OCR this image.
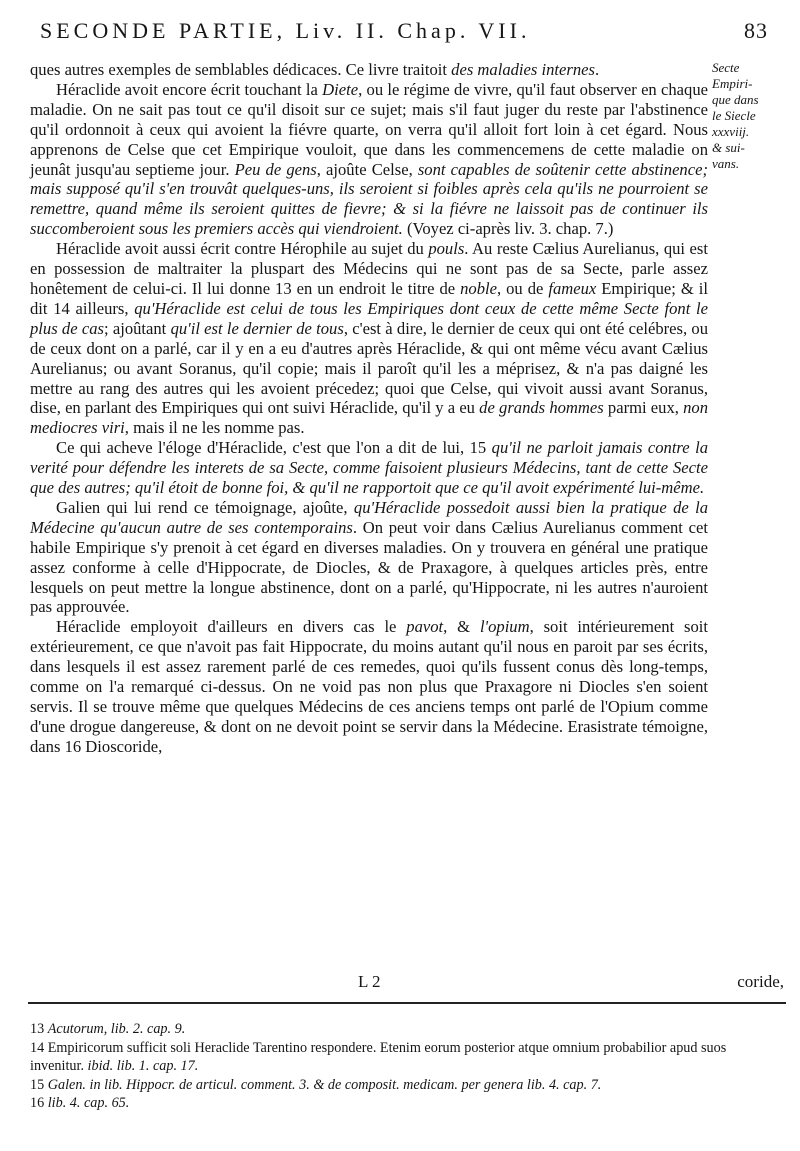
SECONDE PARTIE, Liv. II. Chap. VII.	83
Secte
Empiri-
que dans
le Siecle
xxxviij.
& sui-
vans.

ques autres exemples de semblables dédicaces. Ce livre traitoit des maladies internes.

Héraclide avoit encore écrit touchant la Diete, ou le régime de vivre, qu'il faut observer en chaque maladie. On ne sait pas tout ce qu'il disoit sur ce sujet; mais s'il faut juger du reste par l'abstinence qu'il ordonnoit à ceux qui avoient la fiévre quarte, on verra qu'il alloit fort loin à cet égard. Nous apprenons de Celse que cet Empirique vouloit, que dans les commencemens de cette maladie on jeunât jusqu'au septieme jour. Peu de gens, ajoûte Celse, sont capables de soûtenir cette abstinence; mais supposé qu'il s'en trouvât quelques-uns, ils seroient si foibles après cela qu'ils ne pourroient se remettre, quand même ils seroient quittes de fievre; & si la fiévre ne laissoit pas de continuer ils succomberoient sous les premiers accès qui viendroient. (Voyez ci-après liv. 3. chap. 7.)

Héraclide avoit aussi écrit contre Hérophile au sujet du pouls. Au reste Cælius Aurelianus, qui est en possession de maltraiter la pluspart des Médecins qui ne sont pas de sa Secte, parle assez honêtement de celui-ci. Il lui donne 13 en un endroit le titre de noble, ou de fameux Empirique; & il dit 14 ailleurs, qu'Héraclide est celui de tous les Empiriques dont ceux de cette même Secte font le plus de cas; ajoûtant qu'il est le dernier de tous, c'est à dire, le dernier de ceux qui ont été celébres, ou de ceux dont on a parlé, car il y en a eu d'autres après Héraclide, & qui ont même vécu avant Cælius Aurelianus; ou avant Soranus, qu'il copie; mais il paroît qu'il les a méprisez, & n'a pas daigné les mettre au rang des autres qui les avoient précedez; quoi que Celse, qui vivoit aussi avant Soranus, dise, en parlant des Empiriques qui ont suivi Héraclide, qu'il y a eu de grands hommes parmi eux, non mediocres viri, mais il ne les nomme pas.

Ce qui acheve l'éloge d'Héraclide, c'est que l'on a dit de lui, 15 qu'il ne parloit jamais contre la verité pour défendre les interets de sa Secte, comme faisoient plusieurs Médecins, tant de cette Secte que des autres; qu'il étoit de bonne foi, & qu'il ne rapportoit que ce qu'il avoit expérimenté lui-même.

Galien qui lui rend ce témoignage, ajoûte, qu'Héraclide possedoit aussi bien la pratique de la Médecine qu'aucun autre de ses contemporains. On peut voir dans Cælius Aurelianus comment cet habile Empirique s'y prenoit à cet égard en diverses maladies. On y trouvera en général une pratique assez conforme à celle d'Hippocrate, de Diocles, & de Praxagore, à quelques articles près, entre lesquels on peut mettre la longue abstinence, dont on a parlé, qu'Hippocrate, ni les autres n'auroient pas approuvée.

Héraclide employoit d'ailleurs en divers cas le pavot, & l'opium, soit intérieurement soit extérieurement, ce que n'avoit pas fait Hippocrate, du moins autant qu'il nous en paroit par ses écrits, dans lesquels il est assez rarement parlé de ces remedes, quoi qu'ils fussent conus dès long-temps, comme on l'a remarqué ci-dessus. On ne void pas non plus que Praxagore ni Diocles s'en soient servis. Il se trouve même que quelques Médecins de ces anciens temps ont parlé de l'Opium comme d'une drogue dangereuse, & dont on ne devoit point se servir dans la Médecine. Erasistrate témoigne, dans 16 Dioscoride,

L 2	coride,
13 Acutorum, lib. 2. cap. 9.
14 Empiricorum sufficit soli Heraclide Tarentino respondere. Etenim eorum posterior atque omnium probabilior apud suos invenitur. ibid. lib. 1. cap. 17.
15 Galen. in lib. Hippocr. de articul. comment. 3. & de composit. medicam. per genera lib. 4. cap. 7.
16 lib. 4. cap. 65.
